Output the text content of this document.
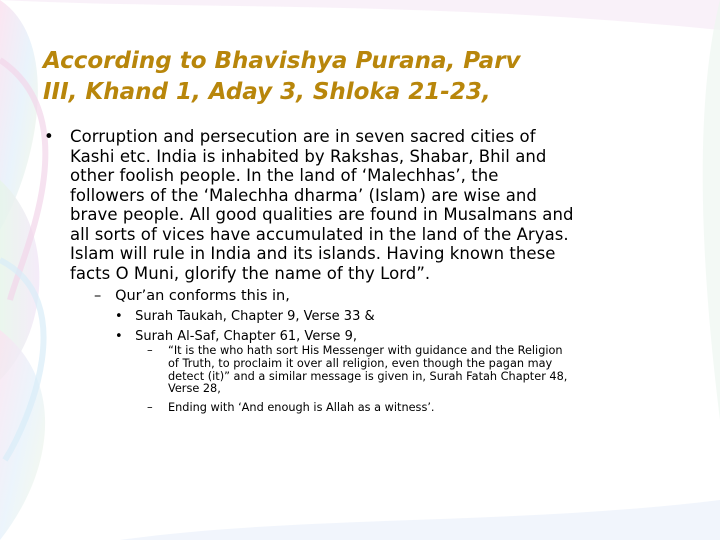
According to Bhavishya Purana, Parv
III, Khand 1, Aday 3, Shloka 21-23,
• Corruption and persecution are in seven sacred cities of
Kashi etc. India is inhabited by Rakshas, Shabar, Bhil and
other foolish people. In the land of ‘Malechhas’, the
followers of the ‘Malechha dharma’ (Islam) are wise and
brave people. All good qualities are found in Musalmans and
all sorts of vices have accumulated in the land of the Aryas.
Islam will rule in India and its islands. Having known these
facts O Muni, glorify the name of thy Lord”.
– Qur’an conforms this in,
• Surah Taukah, Chapter 9, Verse 33 &
• Surah Al-Saf, Chapter 61, Verse 9,
– “It is the who hath sort His Messenger with guidance and the Religion
of Truth, to proclaim it over all religion, even though the pagan may
detect (it)” and a similar message is given in, Surah Fatah Chapter 48,
Verse 28,
– Ending with ‘And enough is Allah as a witness’.
